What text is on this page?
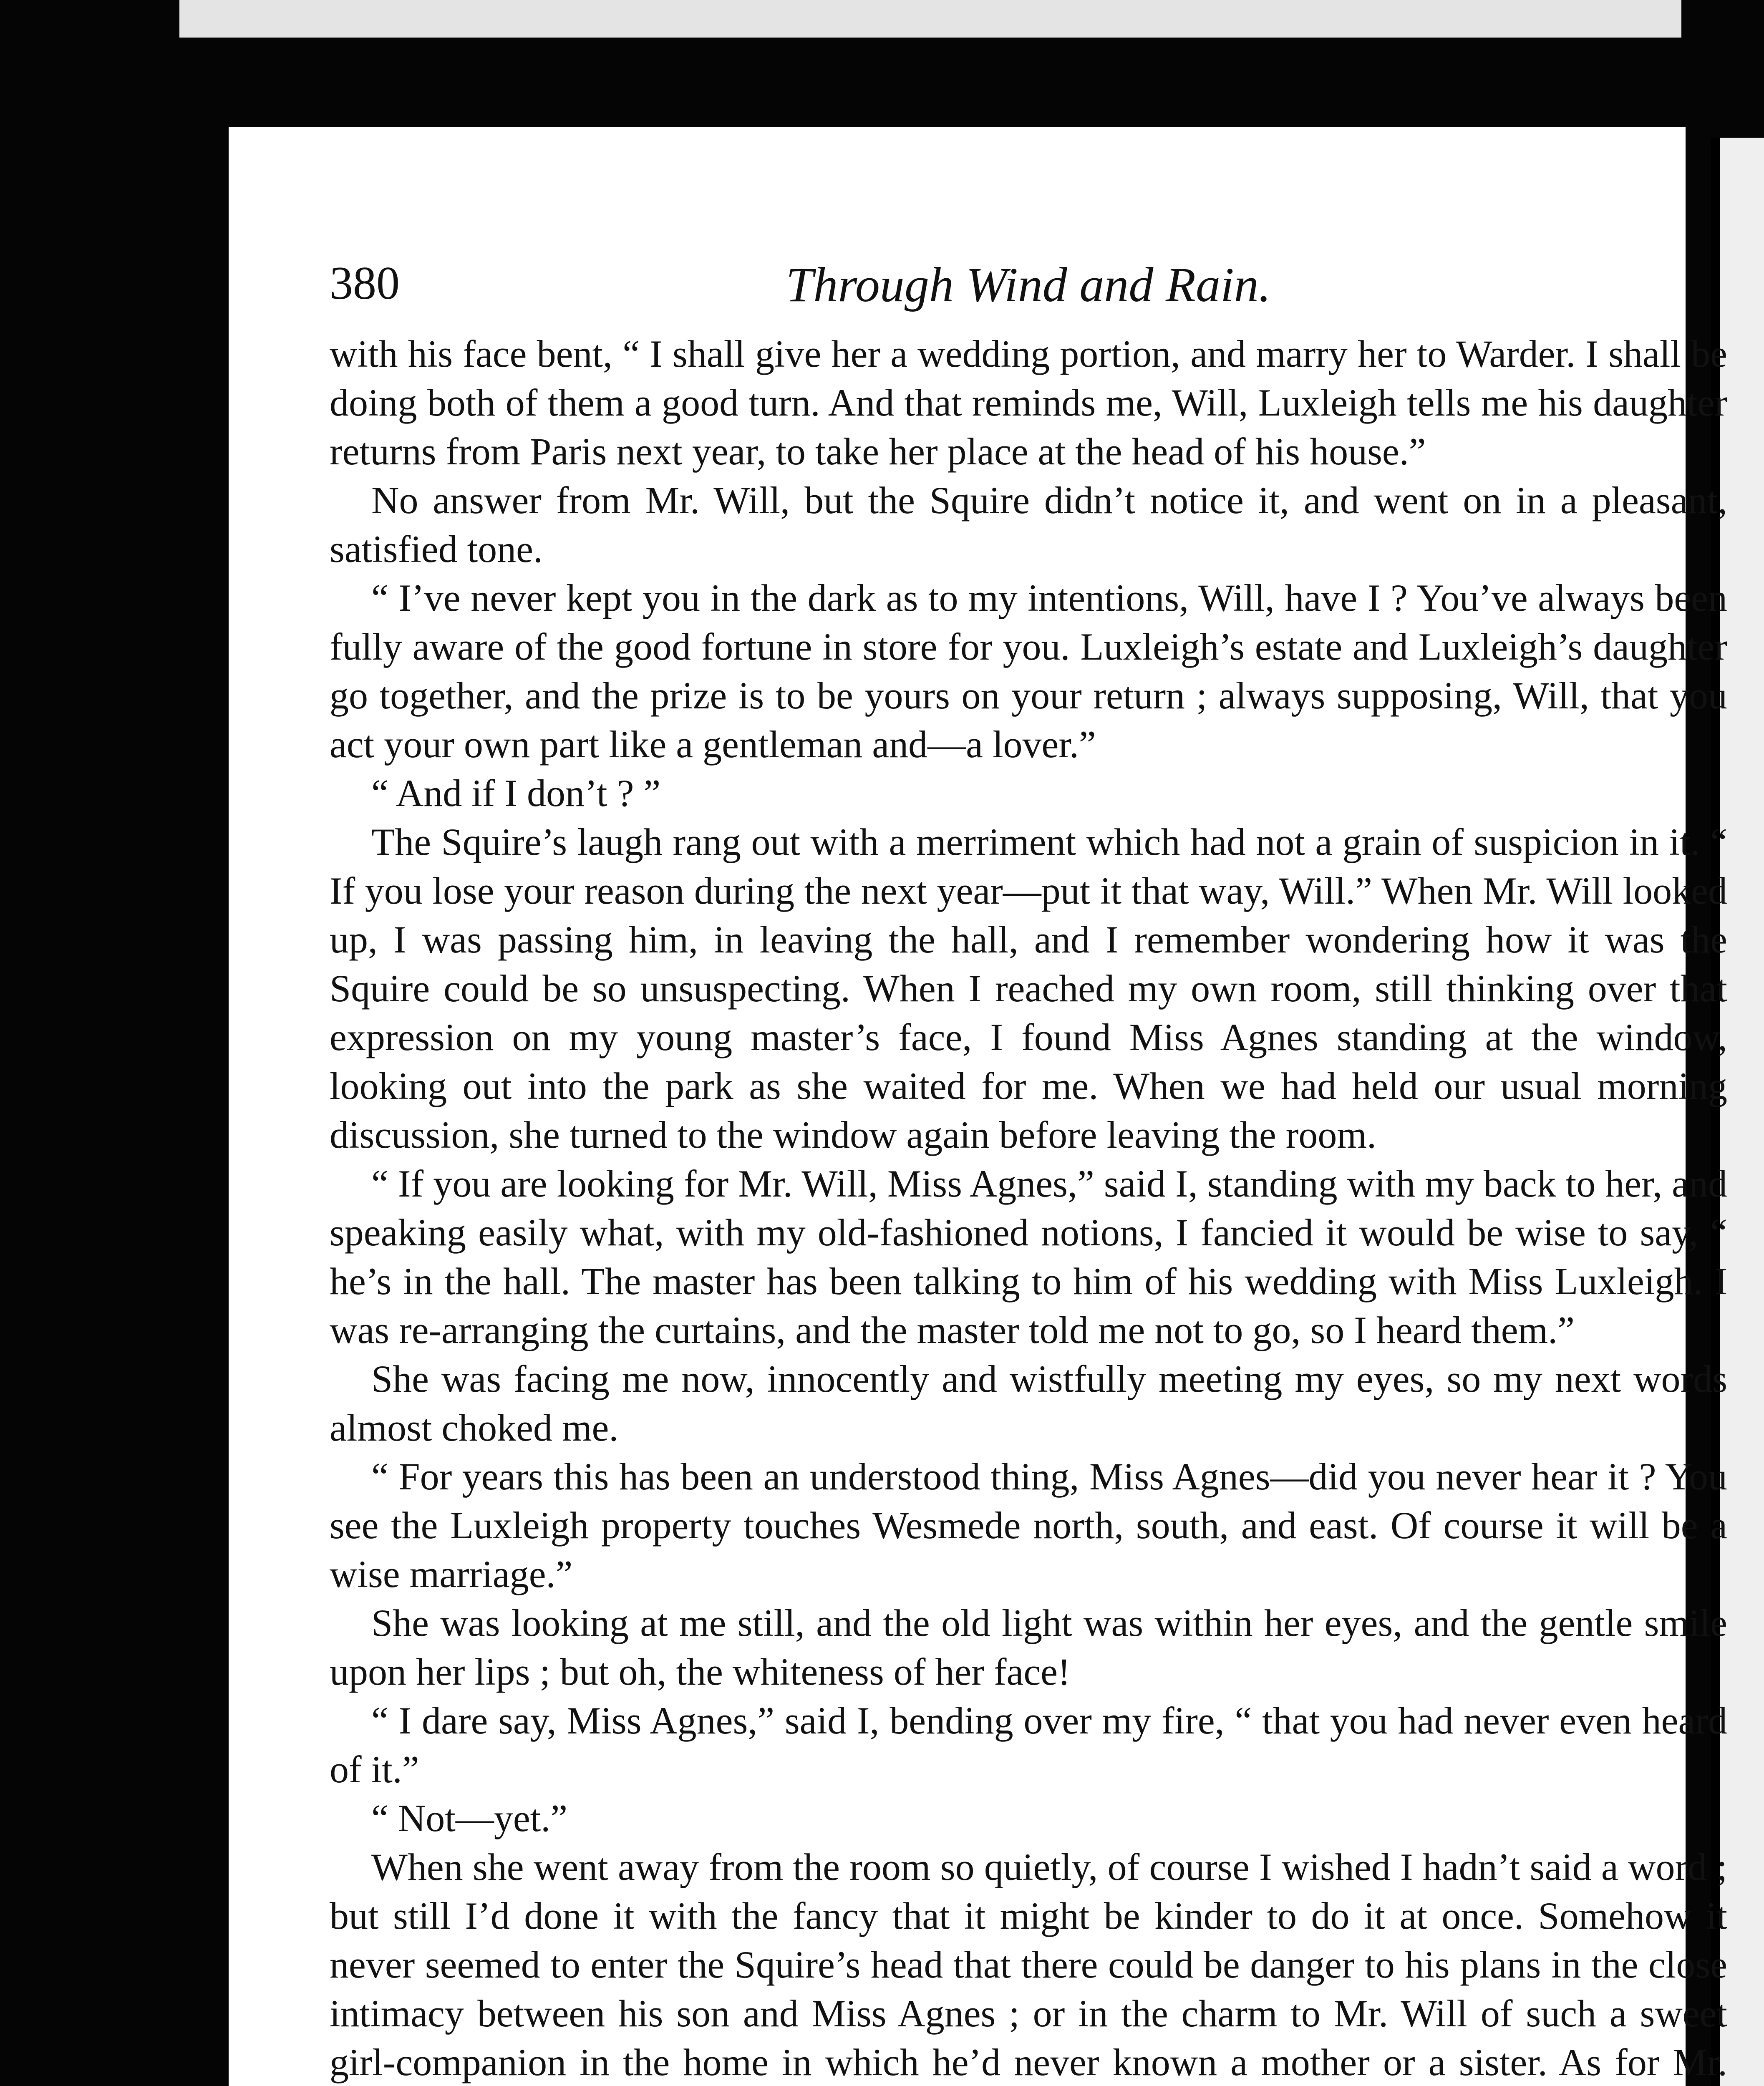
Through Wind and Rain.
380

with his face bent, “ I shall give her a wedding portion, and marry her to Warder. I shall be doing both of them a good turn. And that reminds me, Will, Luxleigh tells me his daughter returns from Paris next year, to take her place at the head of his house.”

No answer from Mr. Will, but the Squire didn’t notice it, and went on in a pleasant, satisfied tone.

“ I’ve never kept you in the dark as to my intentions, Will, have I ? You’ve always been fully aware of the good fortune in store for you. Luxleigh’s estate and Luxleigh’s daughter go together, and the prize is to be yours on your return ; always supposing, Will, that you act your own part like a gentleman and—a lover.”

“ And if I don’t ? ”

The Squire’s laugh rang out with a merriment which had not a grain of suspicion in it. “ If you lose your reason during the next year—put it that way, Will.” When Mr. Will looked up, I was passing him, in leaving the hall, and I remember wondering how it was the Squire could be so unsuspecting. When I reached my own room, still thinking over that expression on my young master’s face, I found Miss Agnes standing at the window, looking out into the park as she waited for me. When we had held our usual morning discussion, she turned to the window again before leaving the room.

“ If you are looking for Mr. Will, Miss Agnes,” said I, standing with my back to her, and speaking easily what, with my old-fashioned notions, I fancied it would be wise to say, “ he’s in the hall. The master has been talking to him of his wedding with Miss Luxleigh. I was re-arranging the curtains, and the master told me not to go, so I heard them.”

She was facing me now, innocently and wistfully meeting my eyes, so my next words almost choked me.

“ For years this has been an understood thing, Miss Agnes—did you never hear it ? You see the Luxleigh property touches Wesmede north, south, and east. Of course it will be a wise marriage.”

She was looking at me still, and the old light was within her eyes, and the gentle smile upon her lips ; but oh, the whiteness of her face!

“ I dare say, Miss Agnes,” said I, bending over my fire, “ that you had never even heard of it.”

“ Not—yet.”

When she went away from the room so quietly, of course I wished I hadn’t said a word ; but still I’d done it with the fancy that it might be kinder to do it at once. Somehow it never seemed to enter the Squire’s head that there could be danger to his plans in the close intimacy between his son and Miss Agnes ; or in the charm to Mr. Will of such a sweet girl-companion in the home in which he’d never known a mother or a sister. As for Mr.
